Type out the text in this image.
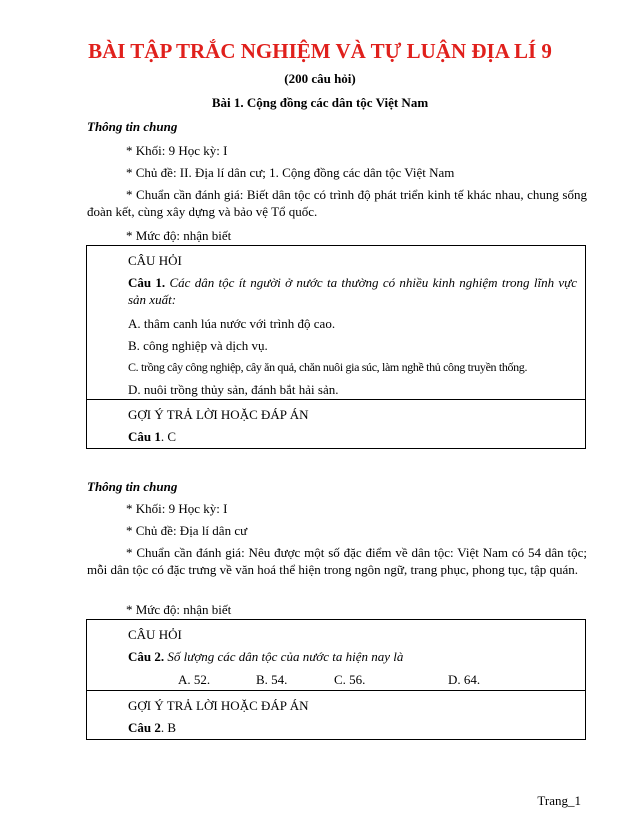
BÀI TẬP TRẮC NGHIỆM VÀ TỰ LUẬN ĐỊA LÍ 9
(200 câu hỏi)
Bài 1. Cộng đồng các dân tộc Việt Nam
Thông tin chung
* Khối: 9 Học kỳ: I
* Chủ đề: II. Địa lí dân cư; 1. Cộng đồng các dân tộc Việt Nam
* Chuẩn cần đánh giá: Biết dân tộc có trình độ phát triển kinh tế khác nhau, chung sống đoàn kết, cùng xây dựng và bảo vệ Tổ quốc.
* Mức độ: nhận biết
CÂU HỎI
Câu 1. Các dân tộc ít người ở nước ta thường có nhiều kinh nghiệm trong lĩnh vực sản xuất:
A. thâm canh lúa nước với trình độ cao.
B. công nghiệp và dịch vụ.
C. trồng cây công nghiệp, cây ăn quả, chăn nuôi gia súc, làm nghề thủ công truyền thống.
D. nuôi trồng thủy sản, đánh bắt hải sản.
GỢI Ý TRẢ LỜI HOẶC ĐÁP ÁN
Câu 1. C
Thông tin chung
* Khối: 9 Học kỳ: I
* Chủ đề: Địa lí dân cư
* Chuẩn cần đánh giá: Nêu được một số đặc điểm về dân tộc: Việt Nam có 54 dân tộc; mỗi dân tộc có đặc trưng về văn hoá thể hiện trong ngôn ngữ, trang phục, phong tục, tập quán.
* Mức độ: nhận biết
CÂU HỎI
Câu 2. Số lượng các dân tộc của nước ta hiện nay là
A. 52.	B. 54.	C. 56.	D. 64.
GỢI Ý TRẢ LỜI HOẶC ĐÁP ÁN
Câu 2. B
Trang_1
